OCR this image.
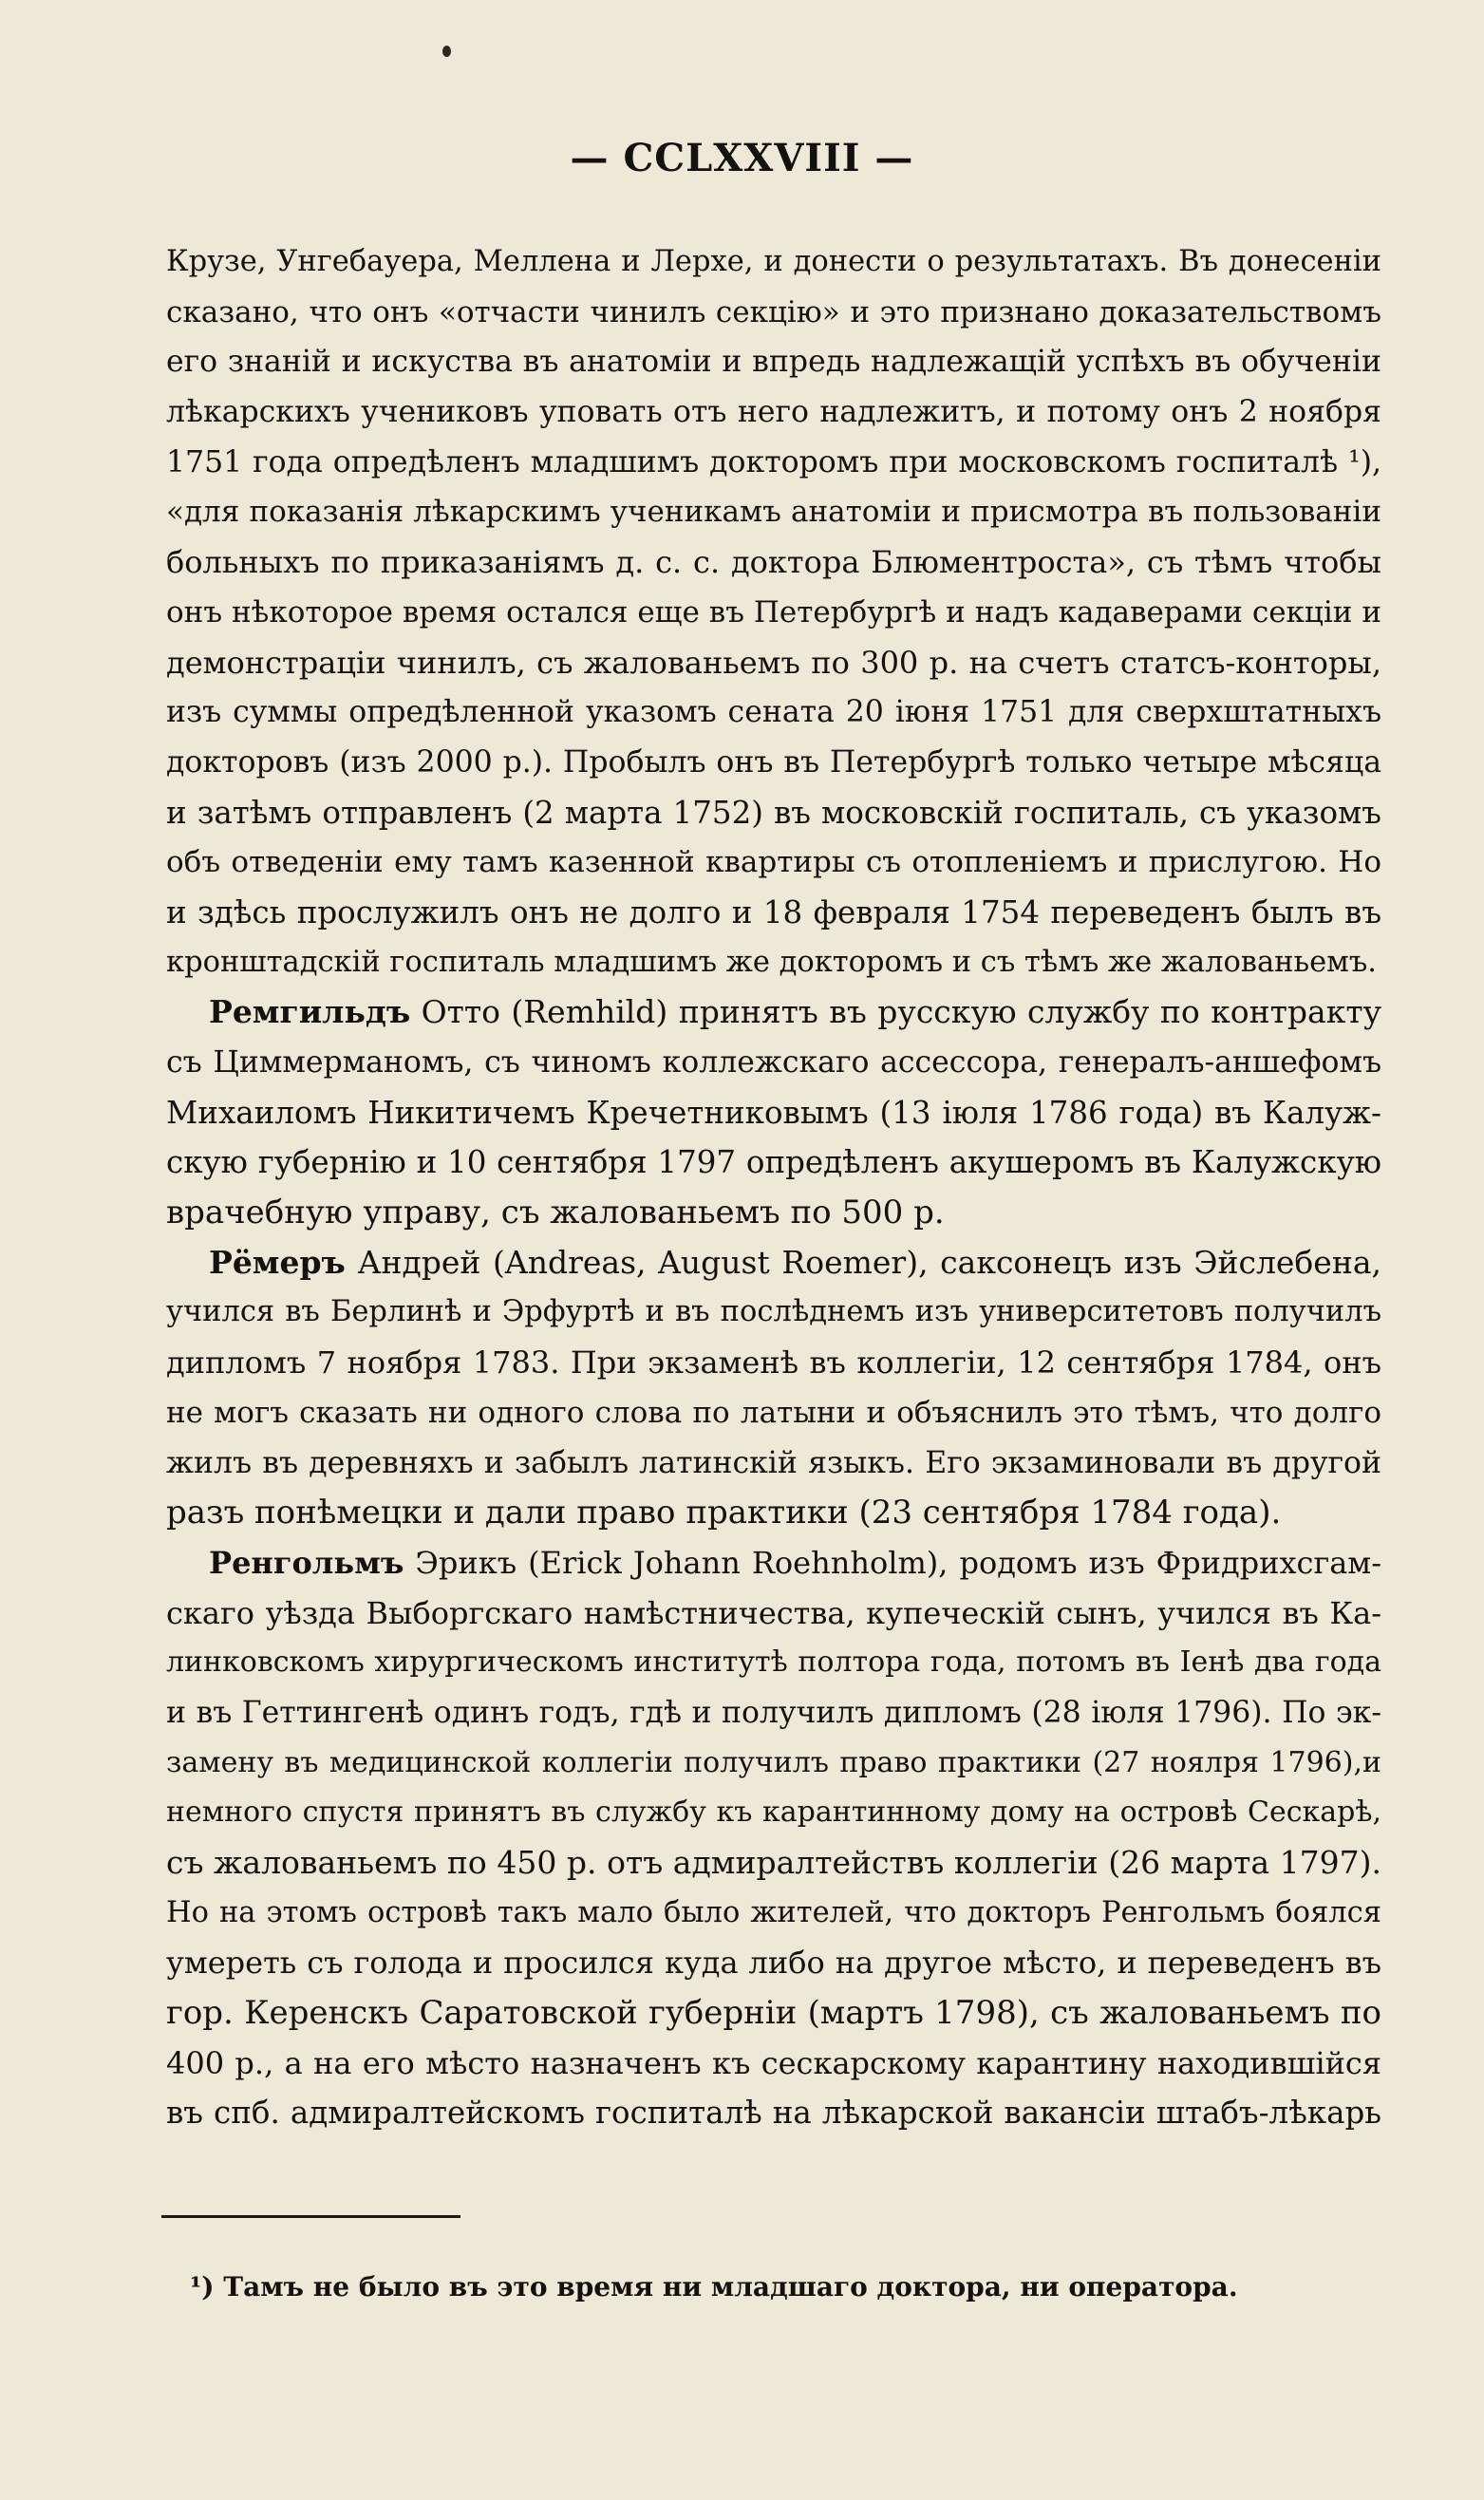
— CCLXXVIII —
Крузе, Унгебауера, Меллена и Лерхе, и донести о результатахъ. Въ донесенiи
сказано, что онъ «отчасти чинилъ секцiю» и это признано доказательствомъ
его знанiй и искуства въ анатомiи и впредь надлежащiй успѣхъ въ обученiи
лѣкарскихъ учениковъ уповать отъ него надлежитъ, и потому онъ 2 ноября
1751 года опредѣленъ младшимъ докторомъ при московскомъ госпиталѣ ¹),
«для показанiя лѣкарскимъ ученикамъ анатомiи и присмотра въ пользованiи
больныхъ по приказанiямъ д. с. с. доктора Блюментроста», съ тѣмъ чтобы
онъ нѣкоторое время остался еще въ Петербургѣ и надъ кадаверами секцiи и
демонстрацiи чинилъ, съ жалованьемъ по 300 р. на счетъ статсъ-конторы,
изъ суммы опредѣленной указомъ сената 20 iюня 1751 для сверхштатныхъ
докторовъ (изъ 2000 р.). Пробылъ онъ въ Петербургѣ только четыре мѣсяца
и затѣмъ отправленъ (2 марта 1752) въ московскiй госпиталь, съ указомъ
объ отведенiи ему тамъ казенной квартиры съ отопленiемъ и прислугою. Но
и здѣсь прослужилъ онъ не долго и 18 февраля 1754 переведенъ былъ въ
кронштадскiй госпиталь младшимъ же докторомъ и съ тѣмъ же жалованьемъ.
Ремгильдъ Отто (Remhild) принятъ въ русскую службу по контракту
съ Циммерманомъ, съ чиномъ коллежскаго ассессора, генералъ-аншефомъ
Михаиломъ Никитичемъ Кречетниковымъ (13 iюля 1786 года) въ Калуж-
скую губернiю и 10 сентября 1797 опредѣленъ акушеромъ въ Калужскую
врачебную управу, съ жалованьемъ по 500 р.
Рёмеръ Андрей (Andreas, August Roemer), саксонецъ изъ Эйслебена,
учился въ Берлинѣ и Эрфуртѣ и въ послѣднемъ изъ университетовъ получилъ
дипломъ 7 ноября 1783. При экзаменѣ въ коллегiи, 12 сентября 1784, онъ
не могъ сказать ни одного слова по латыни и объяснилъ это тѣмъ, что долго
жилъ въ деревняхъ и забылъ латинскiй языкъ. Его экзаминовали въ другой
разъ понѣмецки и дали право практики (23 сентября 1784 года).
Ренгольмъ Эрикъ (Erick Johann Roehnholm), родомъ изъ Фридрихсгам-
скаго уѣзда Выборгскаго намѣстничества, купеческiй сынъ, учился въ Ка-
линковскомъ хирургическомъ институтѣ полтора года, потомъ въ Iенѣ два года
и въ Геттингенѣ одинъ годъ, гдѣ и получилъ дипломъ (28 iюля 1796). По эк-
замену въ медицинской коллегiи получилъ право практики (27 ноялря 1796),и
немного спустя принятъ въ службу къ карантинному дому на островѣ Сескарѣ,
съ жалованьемъ по 450 р. отъ адмиралтействъ коллегiи (26 марта 1797).
Но на этомъ островѣ такъ мало было жителей, что докторъ Ренгольмъ боялся
умереть съ голода и просился куда либо на другое мѣсто, и переведенъ въ
гор. Керенскъ Саратовской губернiи (мартъ 1798), съ жалованьемъ по
400 р., а на его мѣсто назначенъ къ сескарскому карантину находившiйся
въ спб. адмиралтейскомъ госпиталѣ на лѣкарской вакансiи штабъ-лѣкарь
¹) Тамъ не было въ это время ни младшаго доктора, ни оператора.
